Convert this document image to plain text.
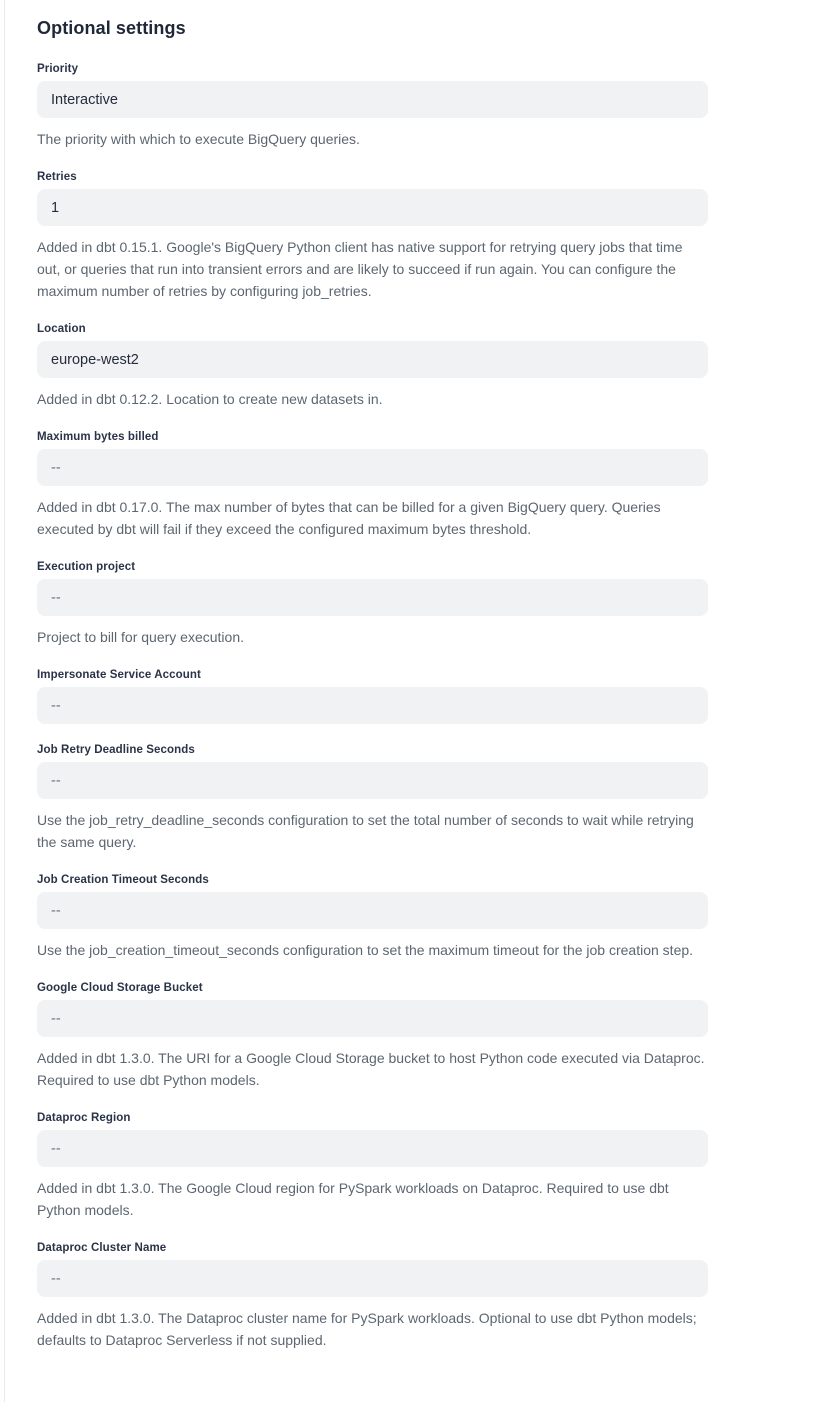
Optional settings
Priority
Interactive

The priority with which to execute BigQuery queries.

Retries
1

Added in dbt 0.15.1. Google's BigQuery Python client has native support for retrying query jobs that time out, or queries that run into transient errors and are likely to succeed if run again. You can configure the maximum number of retries by configuring job_retries.

Location
europe-west2

Added in dbt 0.12.2. Location to create new datasets in.

Maximum bytes billed
--

Added in dbt 0.17.0. The max number of bytes that can be billed for a given BigQuery query. Queries executed by dbt will fail if they exceed the configured maximum bytes threshold.

Execution project
--

Project to bill for query execution.

Impersonate Service Account
--
Job Retry Deadline Seconds
--

Use the job_retry_deadline_seconds configuration to set the total number of seconds to wait while retrying the same query.

Job Creation Timeout Seconds
--

Use the job_creation_timeout_seconds configuration to set the maximum timeout for the job creation step.

Google Cloud Storage Bucket
--

Added in dbt 1.3.0. The URI for a Google Cloud Storage bucket to host Python code executed via Dataproc. Required to use dbt Python models.

Dataproc Region
--

Added in dbt 1.3.0. The Google Cloud region for PySpark workloads on Dataproc. Required to use dbt Python models.

Dataproc Cluster Name
--

Added in dbt 1.3.0. The Dataproc cluster name for PySpark workloads. Optional to use dbt Python models; defaults to Dataproc Serverless if not supplied.
